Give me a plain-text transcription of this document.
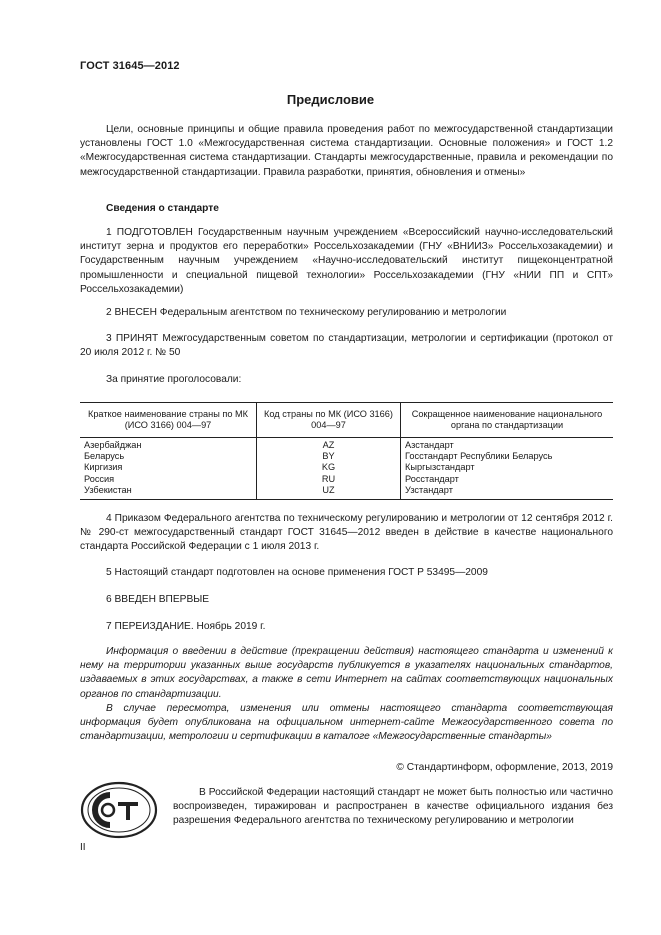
ГОСТ 31645—2012
Предисловие
Цели, основные принципы и общие правила проведения работ по межгосударственной стандартизации установлены ГОСТ 1.0 «Межгосударственная система стандартизации. Основные положения» и ГОСТ 1.2 «Межгосударственная система стандартизации. Стандарты межгосударственные, правила и рекомендации по межгосударственной стандартизации. Правила разработки, принятия, обновления и отмены»
Сведения о стандарте
1 ПОДГОТОВЛЕН Государственным научным учреждением «Всероссийский научно-исследовательский институт зерна и продуктов его переработки» Россельхозакадемии (ГНУ «ВНИИЗ» Россельхозакадемии) и Государственным научным учреждением «Научно-исследовательский институт пищеконцентратной промышленности и специальной пищевой технологии» Россельхозакадемии (ГНУ «НИИ ПП и СПТ» Россельхозакадемии)
2 ВНЕСЕН Федеральным агентством по техническому регулированию и метрологии
3 ПРИНЯТ Межгосударственным советом по стандартизации, метрологии и сертификации (протокол от 20 июля 2012 г. № 50
За принятие проголосовали:
Краткое наименование страны по МК (ИСО 3166) 004—97	Код страны по МК (ИСО 3166) 004—97	Сокращенное наименование национального органа по стандартизации
Азербайджан	AZ	Азстандарт
Беларусь	BY	Госстандарт Республики Беларусь
Киргизия	KG	Кыргызстандарт
Россия	RU	Росстандарт
Узбекистан	UZ	Узстандарт
4 Приказом Федерального агентства по техническому регулированию и метрологии от 12 сентября 2012 г. № 290-ст межгосударственный стандарт ГОСТ 31645—2012 введен в действие в качестве национального стандарта Российской Федерации с 1 июля 2013 г.
5 Настоящий стандарт подготовлен на основе применения ГОСТ Р 53495—2009
6 ВВЕДЕН ВПЕРВЫЕ
7 ПЕРЕИЗДАНИЕ. Ноябрь 2019 г.
Информация о введении в действие (прекращении действия) настоящего стандарта и изменений к нему на территории указанных выше государств публикуется в указателях национальных стандартов, издаваемых в этих государствах, а также в сети Интернет на сайтах соответствующих национальных органов по стандартизации.
В случае пересмотра, изменения или отмены настоящего стандарта соответствующая информация будет опубликована на официальном интернет-сайте Межгосударственного совета по стандартизации, метрологии и сертификации в каталоге «Межгосударственные стандарты»
© Стандартинформ, оформление, 2013, 2019
В Российской Федерации настоящий стандарт не может быть полностью или частично воспроизведен, тиражирован и распространен в качестве официального издания без разрешения Федерального агентства по техническому регулированию и метрологии
II
